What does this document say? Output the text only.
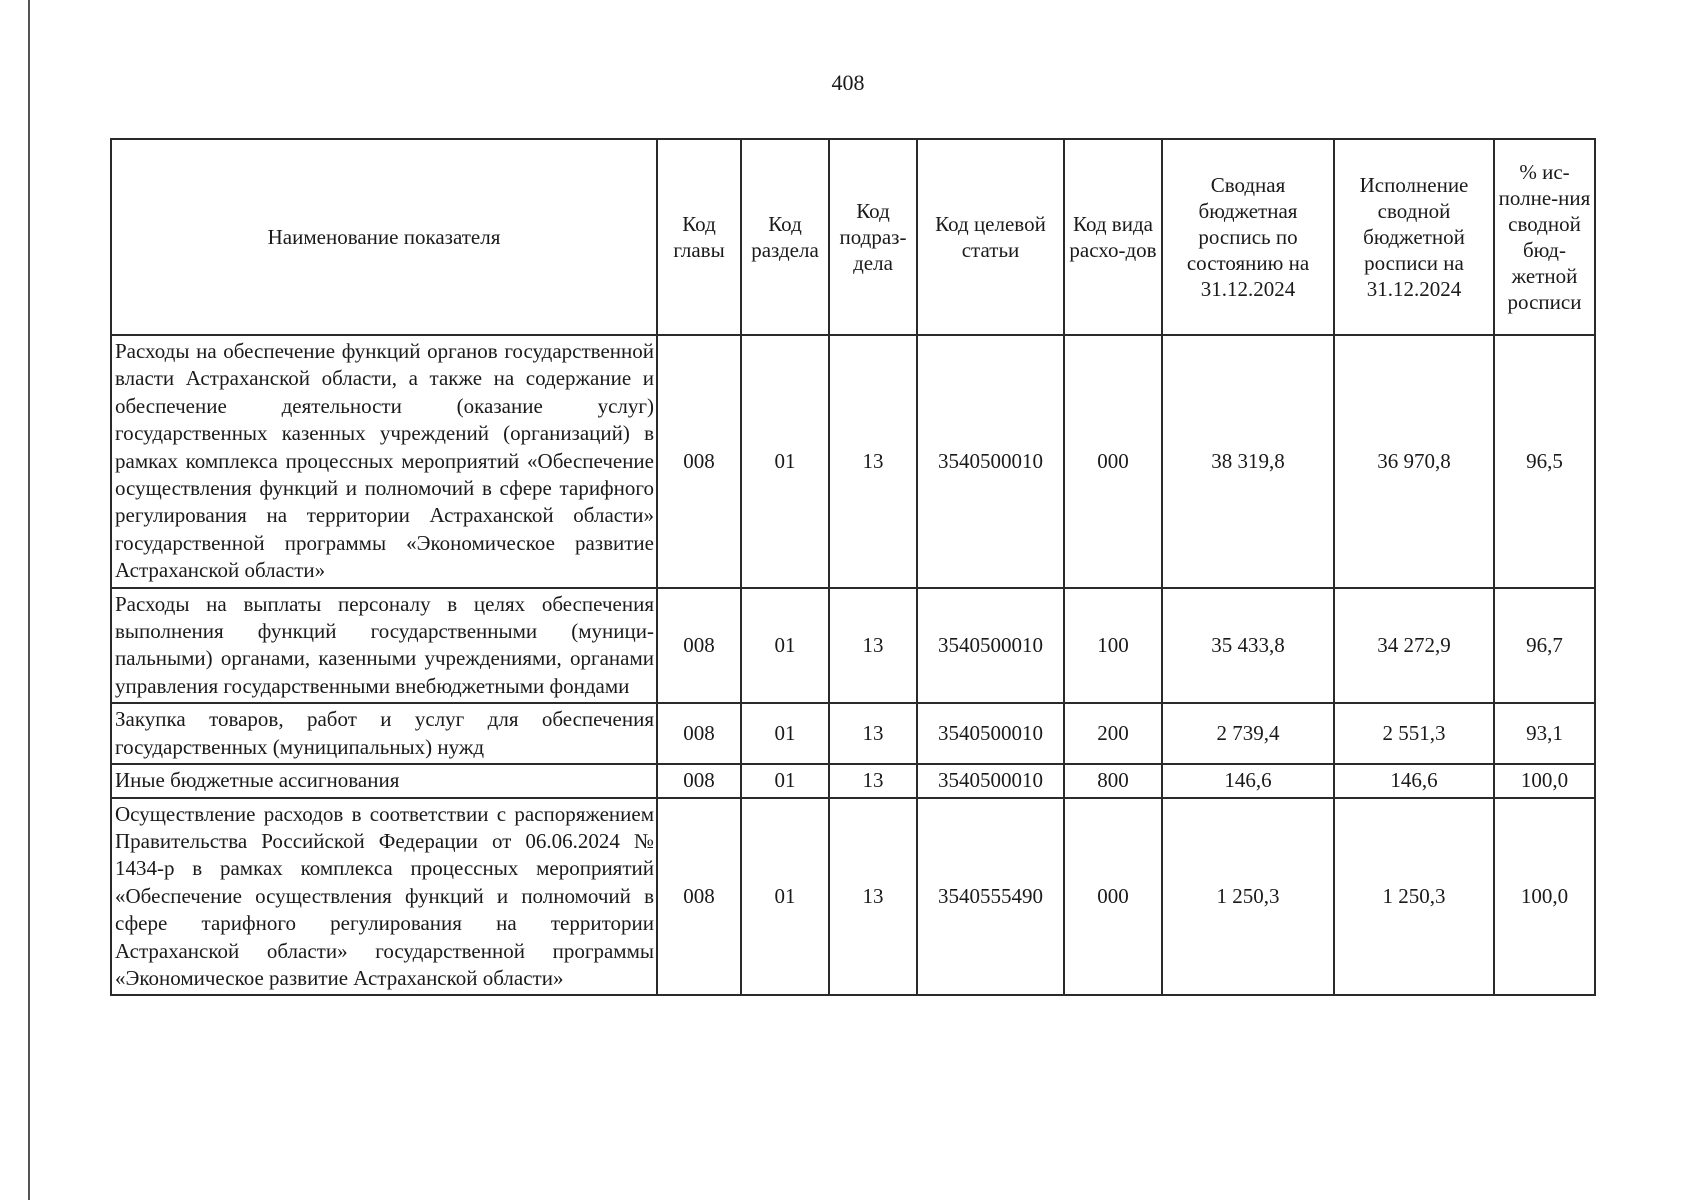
408
Наименование показателя	Код главы	Код раздела	Код подраз-дела	Код целевой статьи	Код вида расхо-дов	Сводная бюджетная роспись по состоянию на 31.12.2024	Исполнение сводной бюджетной росписи на 31.12.2024	% ис-полне-ния сводной бюд-жетной росписи
Расходы на обеспечение функций органов государственной власти Астраханской области, а также на содержание и обеспечение деятельности (оказание услуг) государственных казенных учреждений (организаций) в рамках комплекса процессных мероприятий «Обеспечение осуществления функций и полномочий в сфере тарифного регулирования на территории Астраханской области» государственной программы «Экономическое развитие Астраханской области»	008	01	13	3540500010	000	38 319,8	36 970,8	96,5
Расходы на выплаты персоналу в целях обеспечения выполнения функций государственными (муниципальными) органами, казенными учреждениями, органами управления государственными внебюджетными фондами	008	01	13	3540500010	100	35 433,8	34 272,9	96,7
Закупка товаров, работ и услуг для обеспечения государственных (муниципальных) нужд	008	01	13	3540500010	200	2 739,4	2 551,3	93,1
Иные бюджетные ассигнования	008	01	13	3540500010	800	146,6	146,6	100,0
Осуществление расходов в соответствии с распоряжением Правительства Российской Федерации от 06.06.2024 № 1434-р в рамках комплекса процессных мероприятий «Обеспечение осуществления функций и полномочий в сфере тарифного регулирования на территории Астраханской области» государственной программы «Экономическое развитие Астраханской области»	008	01	13	3540555490	000	1 250,3	1 250,3	100,0
